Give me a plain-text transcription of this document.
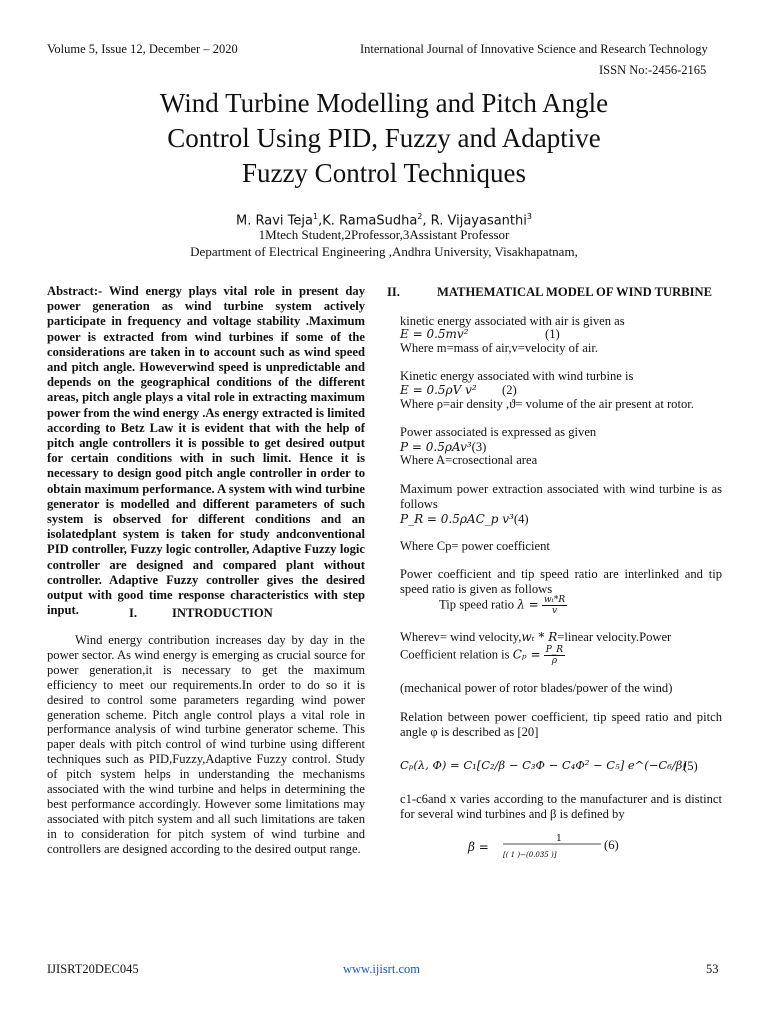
Volume 5, Issue 12, December – 2020	International Journal of Innovative Science and Research Technology
ISSN No:-2456-2165
Wind Turbine Modelling and Pitch Angle
Control Using PID, Fuzzy and Adaptive
Fuzzy Control Techniques
M. Ravi Teja$^1$,K. RamaSudha$^2$, R. Vijayasanthi$^3$
1Mtech Student,2Professor,3Assistant Professor
Department of Electrical Engineering ,Andhra University, Visakhapatnam,
Abstract:- Wind energy plays vital role in present day power generation as wind turbine system actively participate in frequency and voltage stability .Maximum power is extracted from wind turbines if some of the considerations are taken in to account such as wind speed and pitch angle. Howeverwind speed is unpredictable and depends on the geographical conditions of the different areas, pitch angle plays a vital role in extracting maximum power from the wind energy .As energy extracted is limited according to Betz Law it is evident that with the help of pitch angle controllers it is possible to get desired output for certain conditions with in such limit. Hence it is necessary to design good pitch angle controller in order to obtain maximum performance. A system with wind turbine generator is modelled and different parameters of such system is observed for different conditions and an isolatedplant system is taken for study andconventional PID controller, Fuzzy logic controller, Adaptive Fuzzy logic controller are designed and compared plant without controller. Adaptive Fuzzy controller gives the desired output with good time response characteristics with step input.	I.	INTRODUCTION
Wind energy contribution increases day by day in the power sector. As wind energy is emerging as crucial source for power generation,it is necessary to get the maximum efficiency to meet our requirements.In order to do so it is desired to control some parameters regarding wind power generation scheme. Pitch angle control plays a vital role in performance analysis of wind turbine generator scheme. This paper deals with pitch control of wind turbine using different techniques such as PID,Fuzzy,Adaptive Fuzzy control. Study of pitch system helps in understanding the mechanisms associated with the wind turbine and helps in determining the best performance accordingly. However some limitations may associated with pitch system and all such limitations are taken in to consideration for pitch system of wind turbine and controllers are designed according to the desired output range.
II.	MATHEMATICAL MODEL OF WIND TURBINE
kinetic energy associated with air is given as
E = 0.5mv²	(1)
Where m=mass of air,v=velocity of air.
Kinetic energy associated with wind turbine is
E = 0.5ρV v² (2)
Where ρ=air density ,ϑ= volume of the air present at rotor.
Power associated is expressed as given
P = 0.5ρAv³(3)
Where A=crosectional area
Maximum power extraction associated with wind turbine is as follows
P_R = 0.5ρAC_p v³(4)
Where Cp= power coefficient
Power coefficient and tip speed ratio are interlinked and tip speed ratio is given as follows
Tip speed ratio $\lambda = \frac{\text{wₜ*R}}{v}$
Wherev= wind velocity,wₜ * R=linear velocity.Power
Coefficient relation is $C_p = \frac{P\_R}{\rho}$
(mechanical power of rotor blades/power of the wind)
Relation between power coefficient, tip speed ratio and pitch angle φ is described as [20]
Cₚ(λ, Φ) = C₁[C₂/β − C₃Φ − C₄Φ² − C₅] e^(−C₆/β)
(5)
c1-c6and x varies according to the manufacturer and is distinct for several wind turbines and β is defined by
β =
1
[( 1 )−(0.035 )]
(6)
IJISRT20DEC045	www.ijisrt.com	53
